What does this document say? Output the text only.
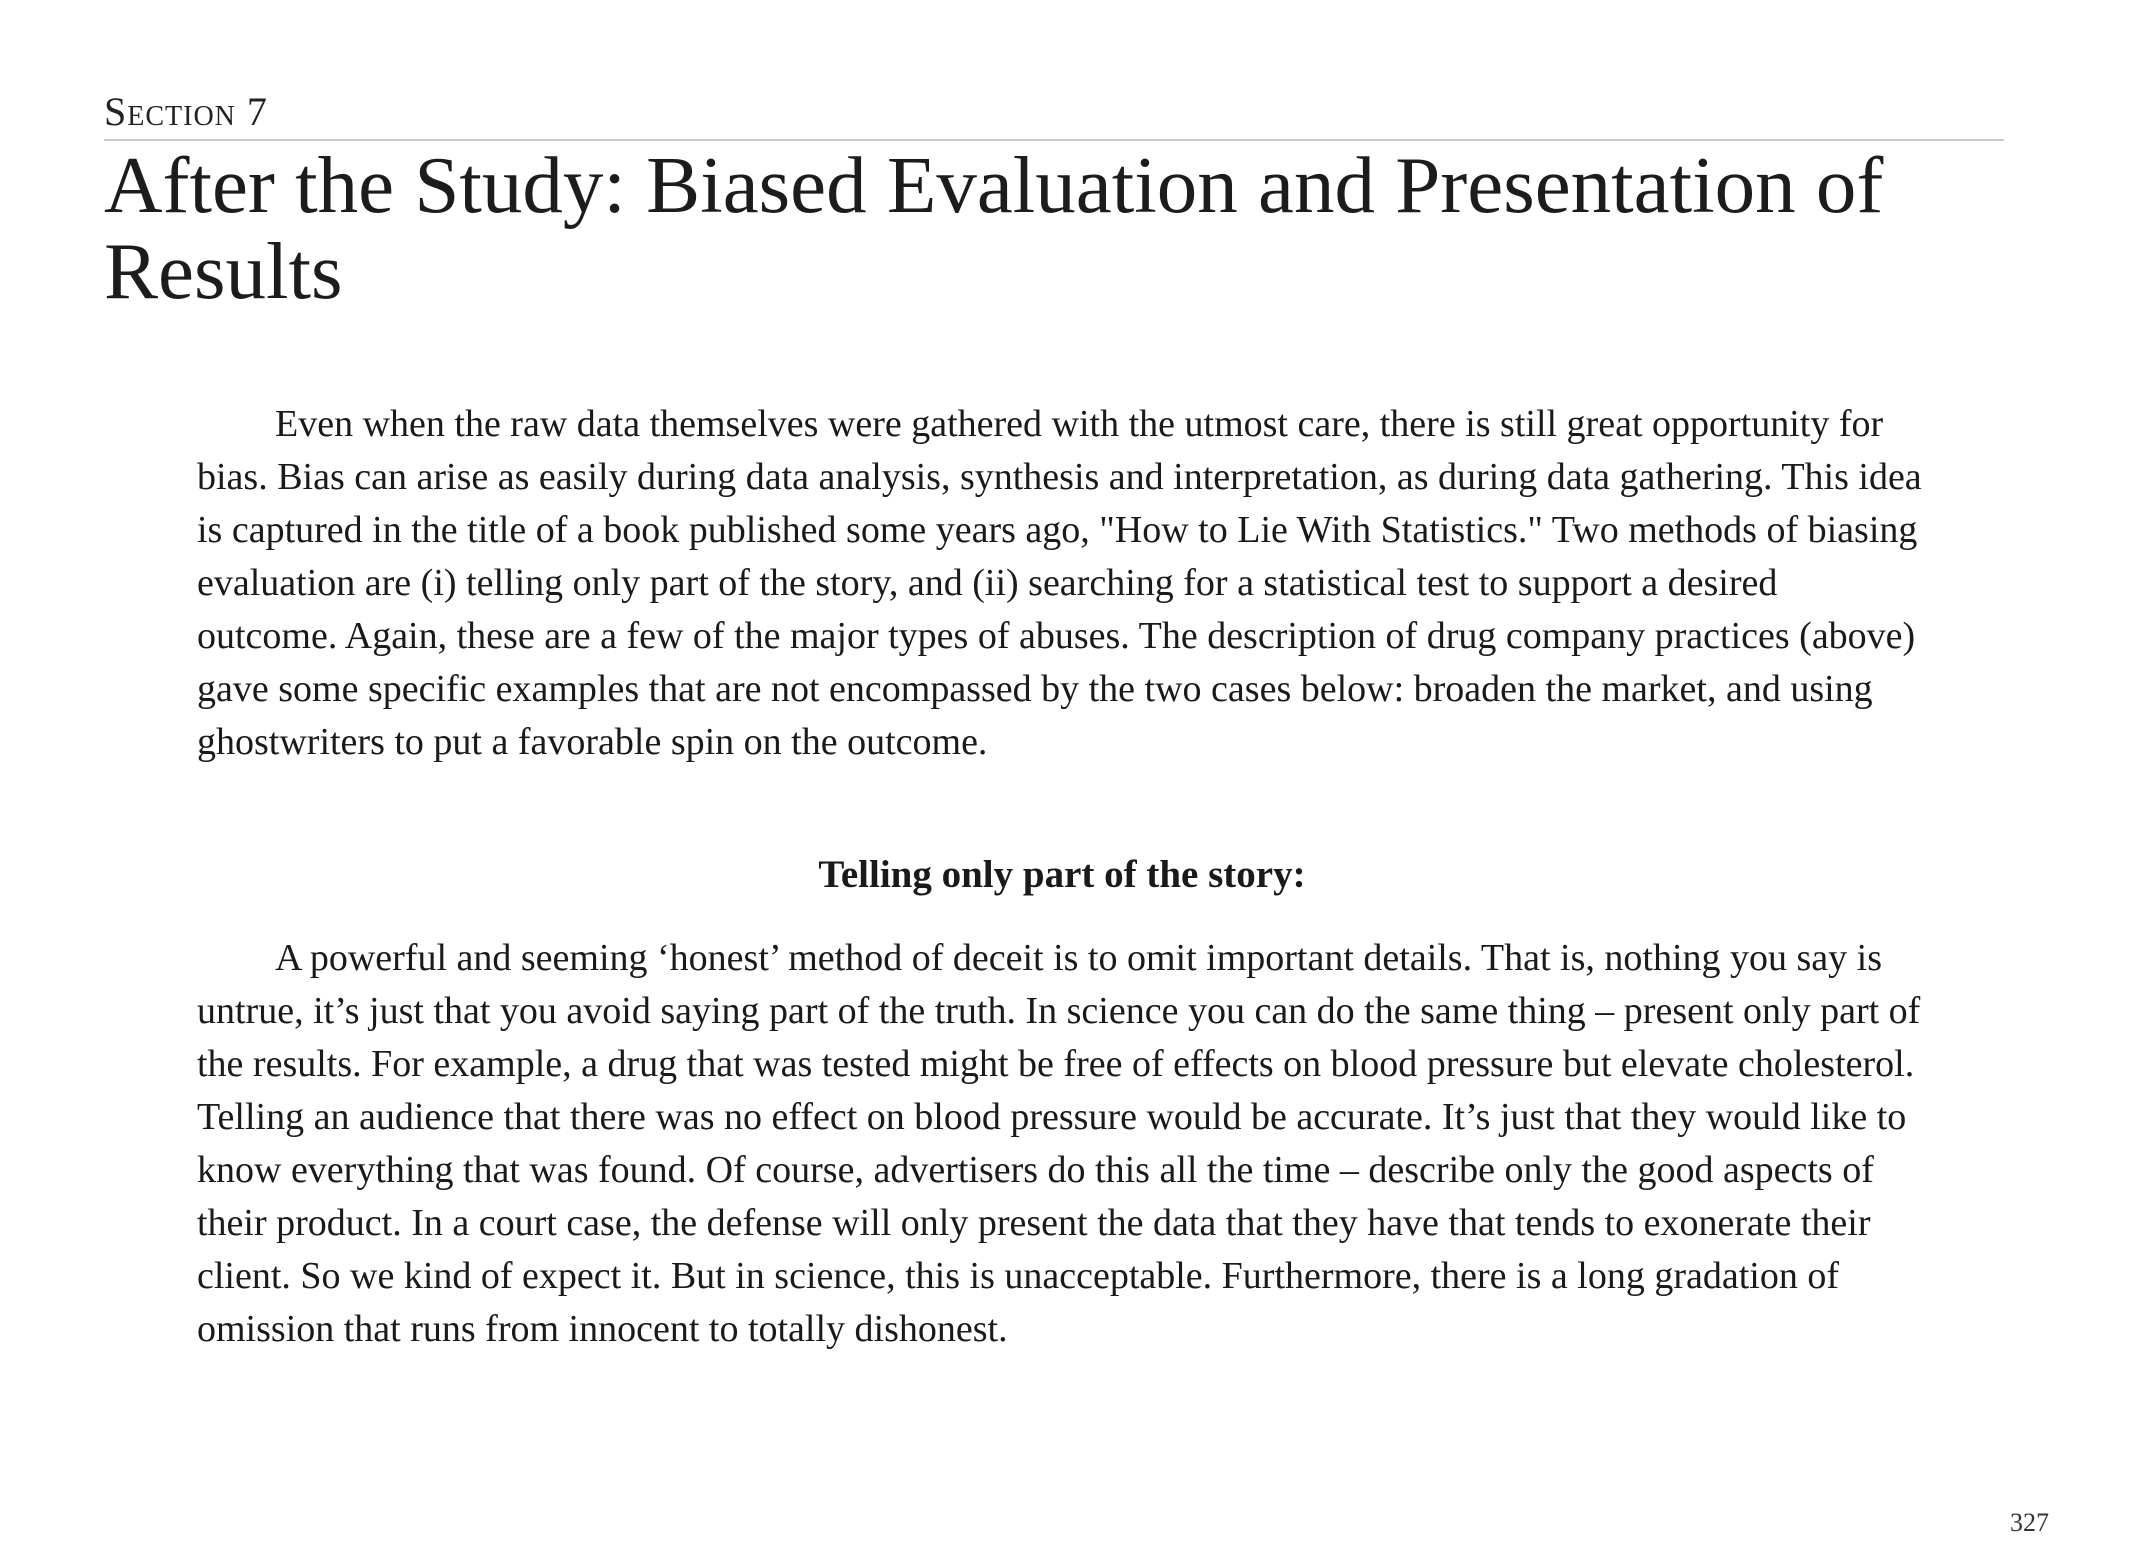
Section 7
After the Study: Biased Evaluation and Presentation of Results

Even when the raw data themselves were gathered with the utmost care, there is still great opportunity for bias. Bias can arise as easily during data analysis, synthesis and interpretation, as during data gathering. This idea is captured in the title of a book published some years ago, "How to Lie With Statistics." Two methods of biasing evaluation are (i) telling only part of the story, and (ii) searching for a statistical test to support a desired outcome. Again, these are a few of the major types of abuses. The description of drug company practices (above) gave some specific examples that are not encompassed by the two cases below: broaden the market, and using ghostwriters to put a favorable spin on the outcome.

Telling only part of the story:

A powerful and seeming ‘honest’ method of deceit is to omit important details. That is, nothing you say is untrue, it’s just that you avoid saying part of the truth. In science you can do the same thing – present only part of the results. For example, a drug that was tested might be free of effects on blood pressure but elevate cholesterol. Telling an audience that there was no effect on blood pressure would be accurate. It’s just that they would like to know everything that was found. Of course, advertisers do this all the time – describe only the good aspects of their product. In a court case, the defense will only present the data that they have that tends to exonerate their client. So we kind of expect it. But in science, this is unacceptable. Furthermore, there is a long gradation of omission that runs from innocent to totally dishonest.

327
